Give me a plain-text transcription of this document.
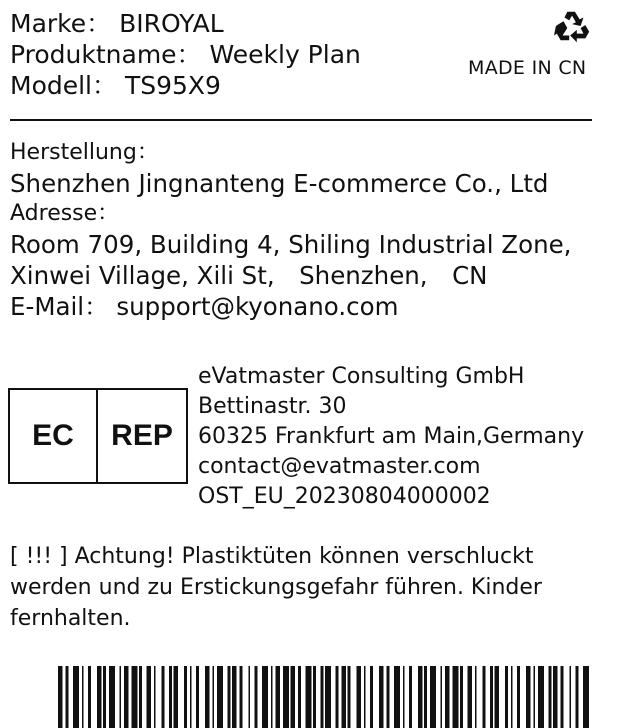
Marke： BIROYAL
Produktname： Weekly Plan
Modell： TS95X9
MADE IN CN
Herstellung：
Shenzhen Jingnanteng E-commerce Co., Ltd
Adresse：
Room 709, Building 4, Shiling Industrial Zone,
Xinwei Village, Xili St,　Shenzhen,　CN
E-Mail： support@kyonano.com
EC	REP
eVatmaster Consulting GmbH
Bettinastr. 30
60325 Frankfurt am Main,Germany
contact@evatmaster.com
OST_EU_20230804000002
[ !!! ] Achtung! Plastiktüten können verschluckt
werden und zu Erstickungsgefahr führen. Kinder
fernhalten.
